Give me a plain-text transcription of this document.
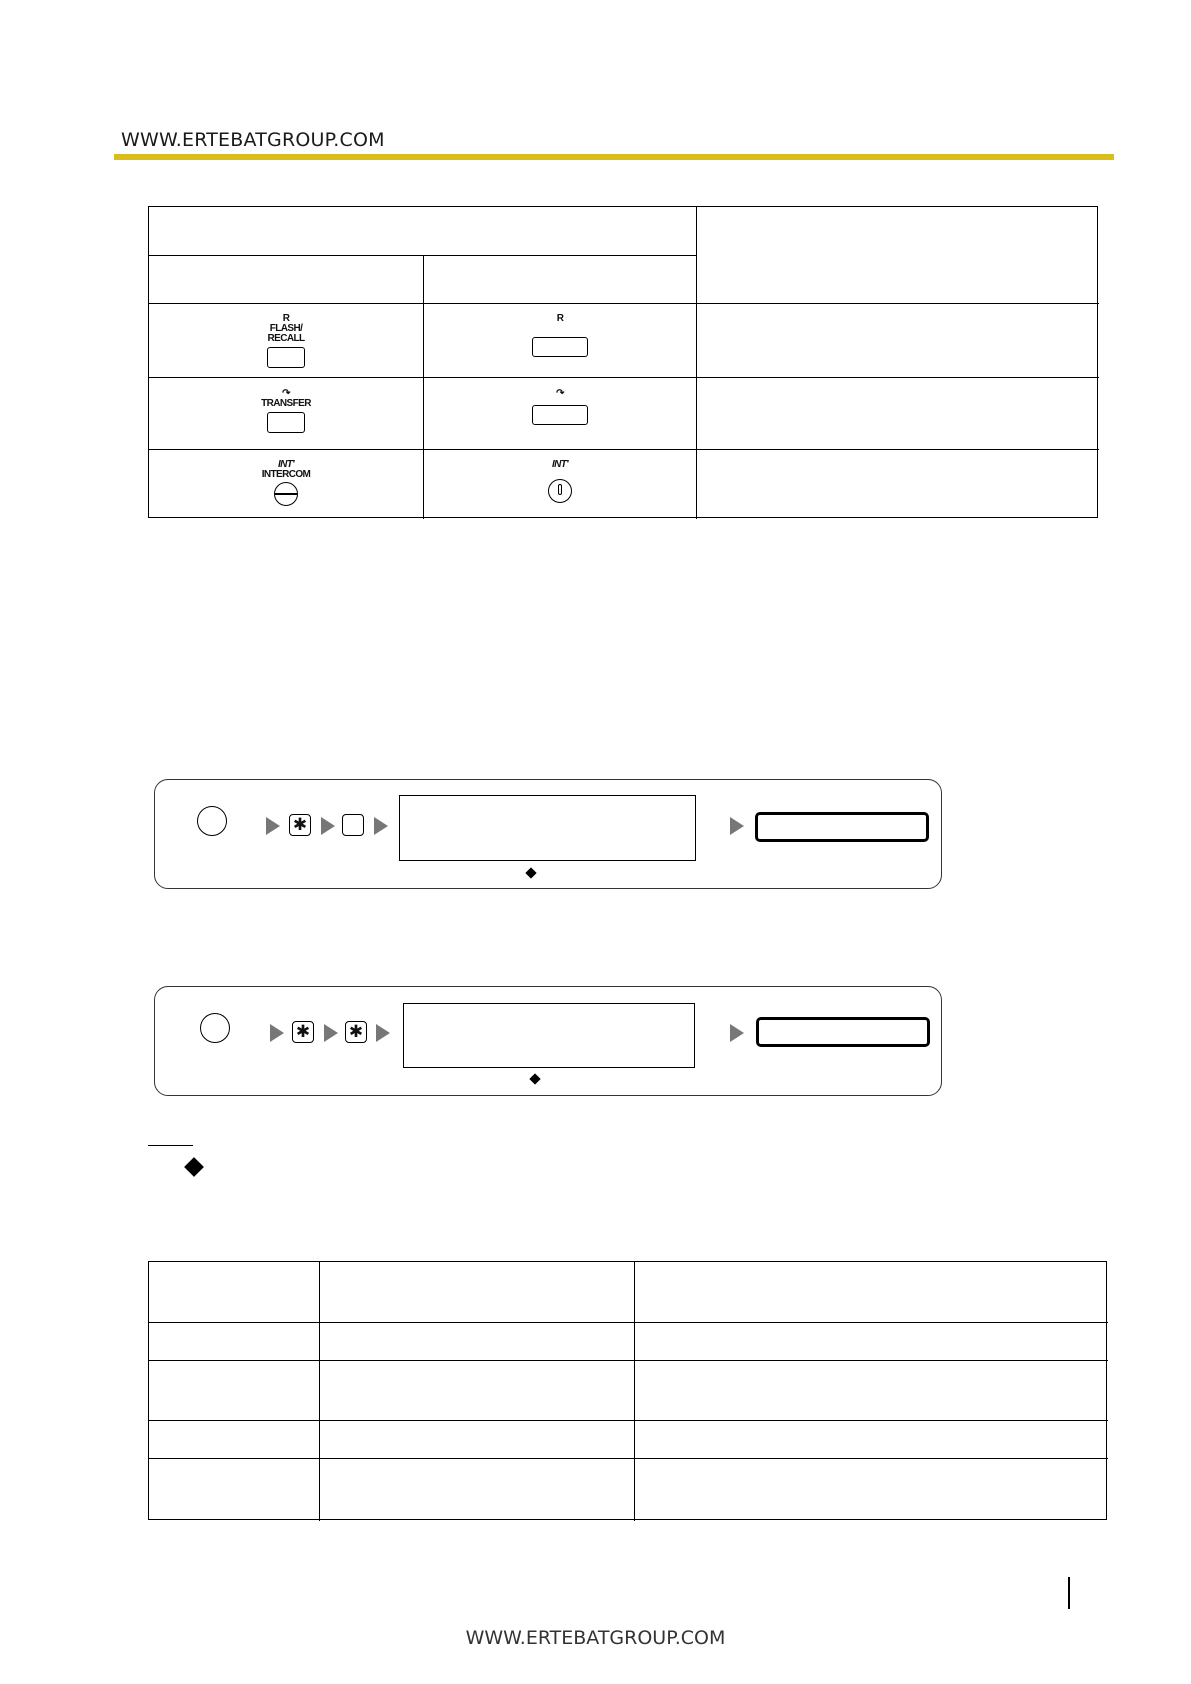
WWW.ERTEBATGROUP.COM
R
FLASH/
RECALL
R
↷
TRANSFER
↷
INT'
INTERCOM
INT'
✱
✱ ✱
WWW.ERTEBATGROUP.COM
